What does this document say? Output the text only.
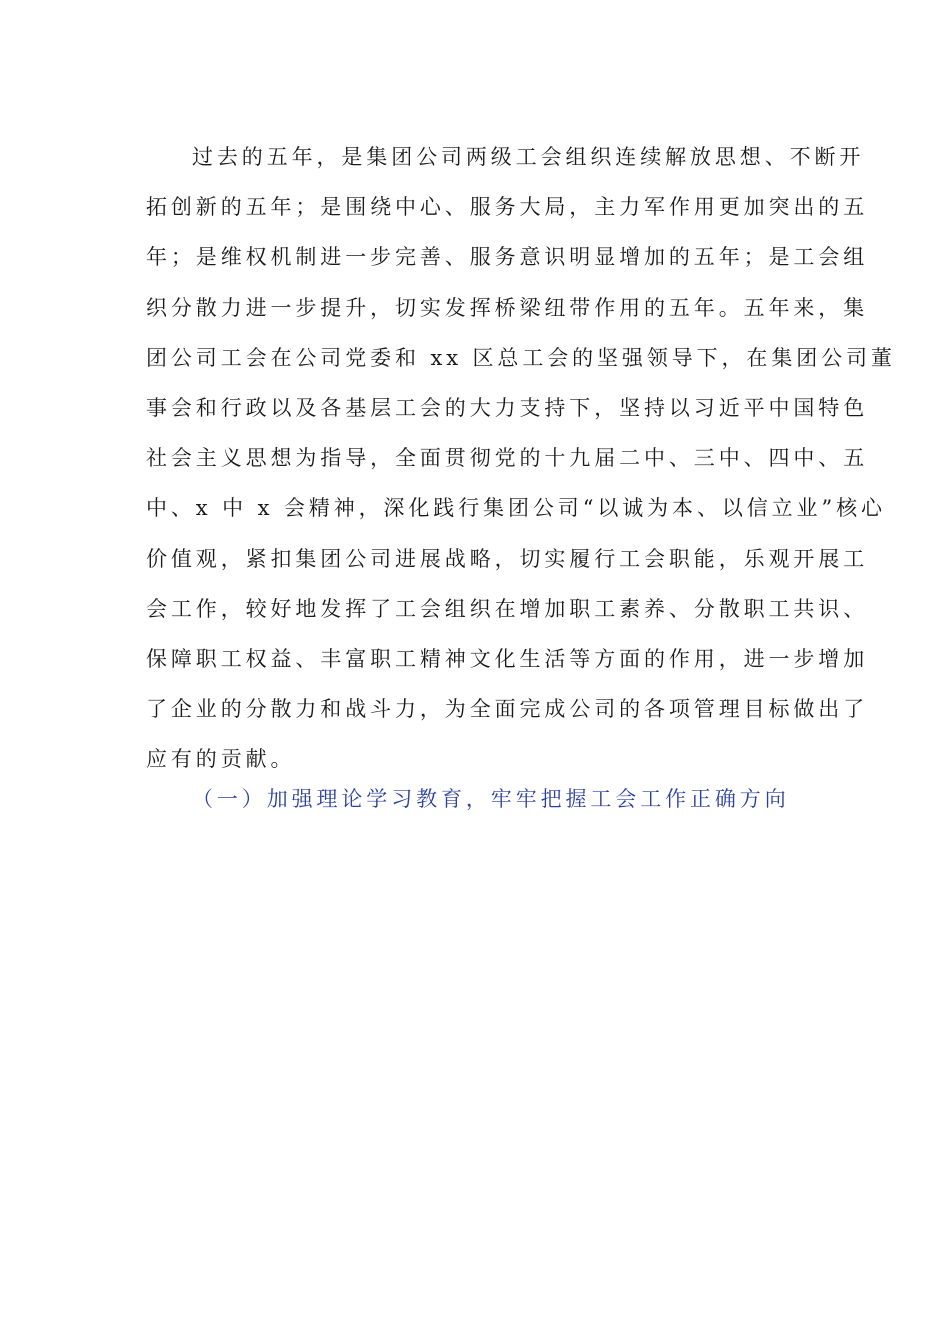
过去的五年，是集团公司两级工会组织连续解放思想、不断开
拓创新的五年；是围绕中心、服务大局，主力军作用更加突出的五
年；是维权机制进一步完善、服务意识明显增加的五年；是工会组
织分散力进一步提升，切实发挥桥梁纽带作用的五年。五年来，集
团公司工会在公司党委和 xx 区总工会的坚强领导下，在集团公司董
事会和行政以及各基层工会的大力支持下，坚持以习近平中国特色
社会主义思想为指导，全面贯彻党的十九届二中、三中、四中、五
中、x 中 x 会精神，深化践行集团公司“以诚为本、以信立业”核心
价值观，紧扣集团公司进展战略，切实履行工会职能，乐观开展工
会工作，较好地发挥了工会组织在增加职工素养、分散职工共识、
保障职工权益、丰富职工精神文化生活等方面的作用，进一步增加
了企业的分散力和战斗力，为全面完成公司的各项管理目标做出了
应有的贡献。
（一）加强理论学习教育，牢牢把握工会工作正确方向
